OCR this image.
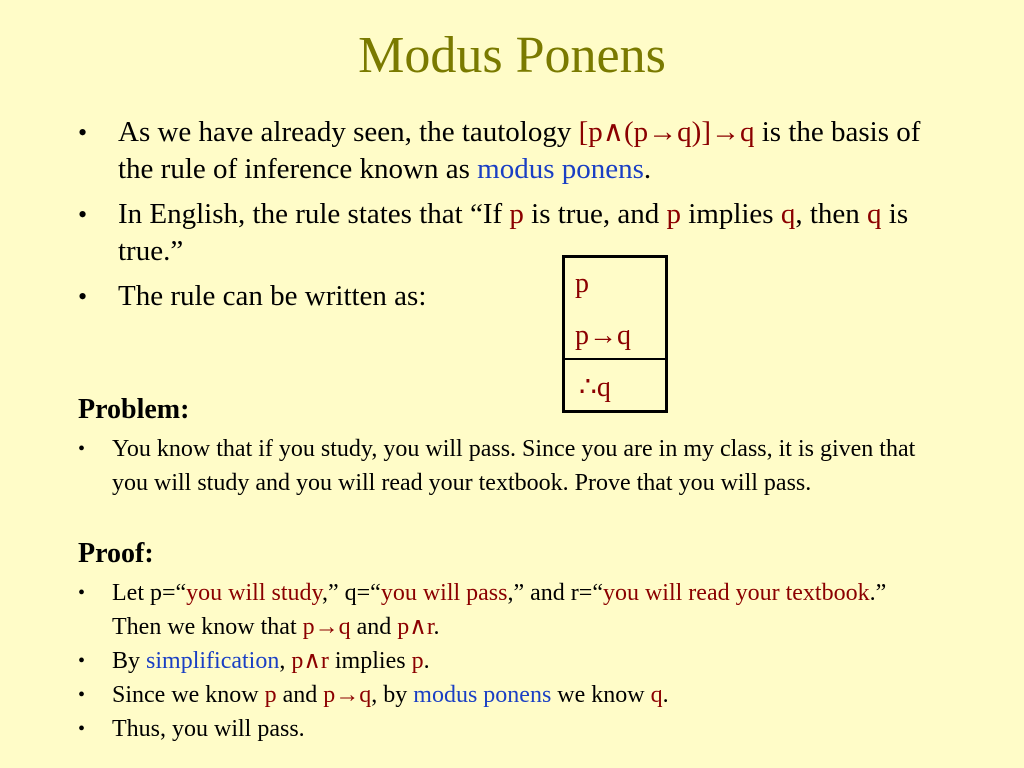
Modus Ponens
• As we have already seen, the tautology [p∧(p→q)]→q is the basis of the rule of inference known as modus ponens.
• In English, the rule states that “If p is true, and p implies q, then q is true.”
• The rule can be written as:	p
p→q
∴q
Problem:
• You know that if you study, you will pass. Since you are in my class, it is given that you will study and you will read your textbook. Prove that you will pass.
Proof:
• Let p=“you will study,” q=“you will pass,” and r=“you will read your textbook.” Then we know that p→q and p∧r.
• By simplification, p∧r implies p.
• Since we know p and p→q, by modus ponens we know q.
• Thus, you will pass.
